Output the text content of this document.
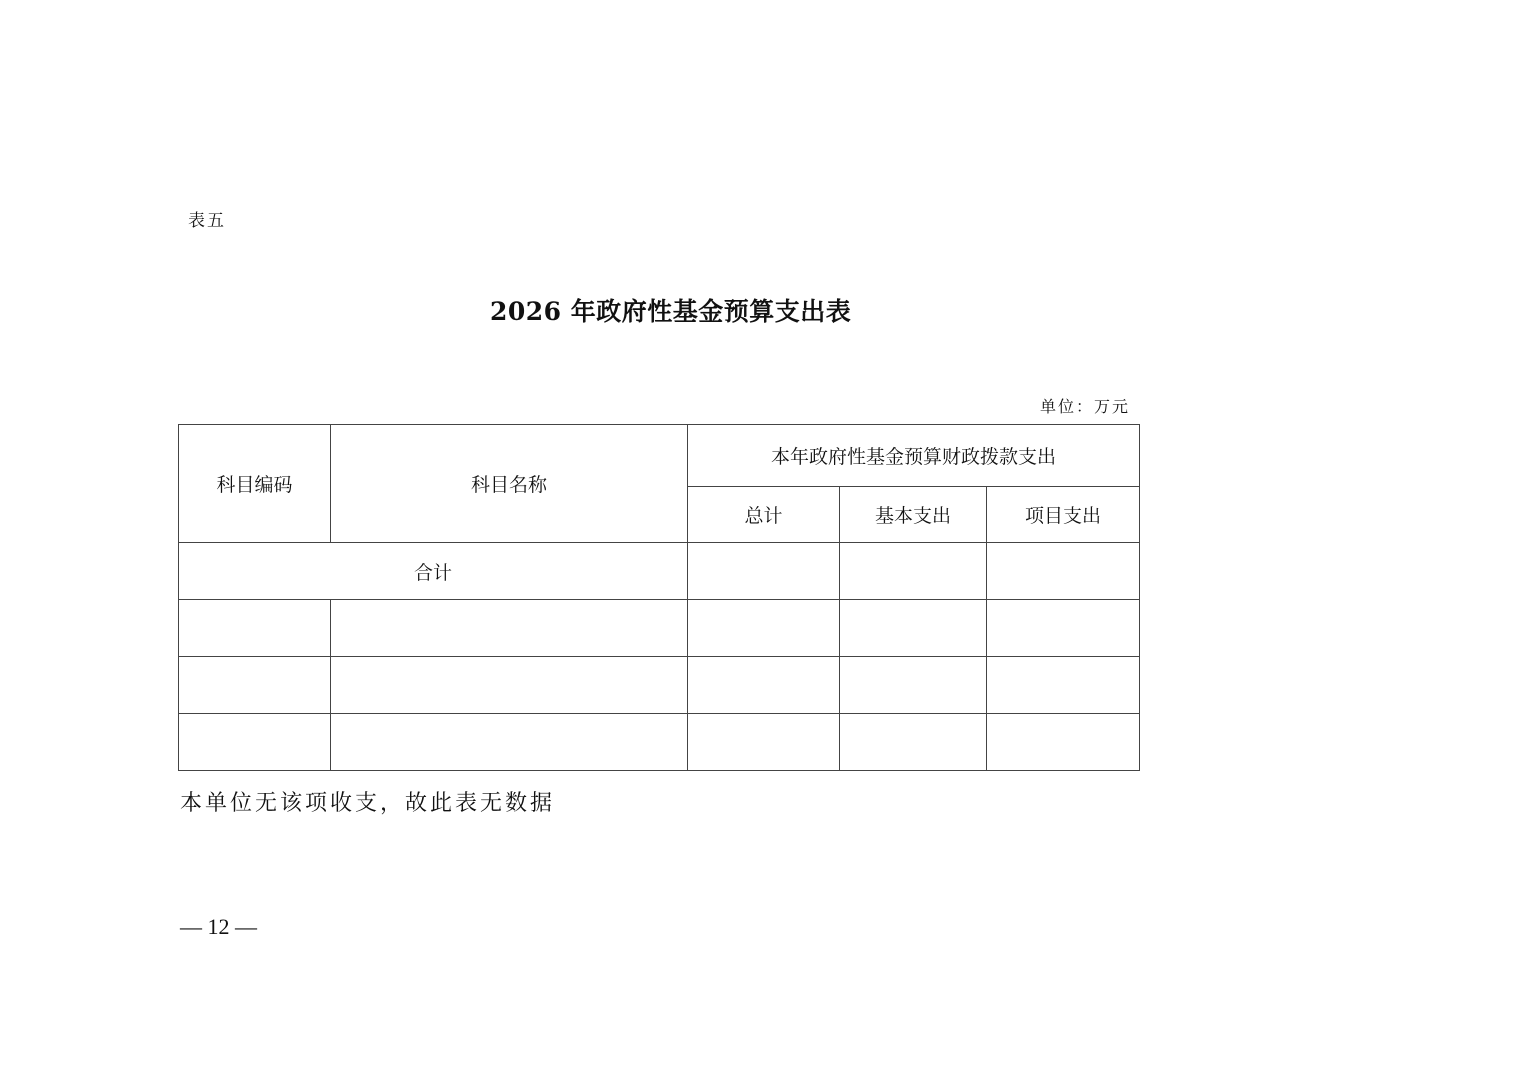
表五
2026 年政府性基金预算支出表
单位：万元
科目编码	科目名称	本年政府性基金预算财政拨款支出		
		总计	基本支出	项目支出
合计				

本单位无该项收支，故此表无数据
— 12 —
